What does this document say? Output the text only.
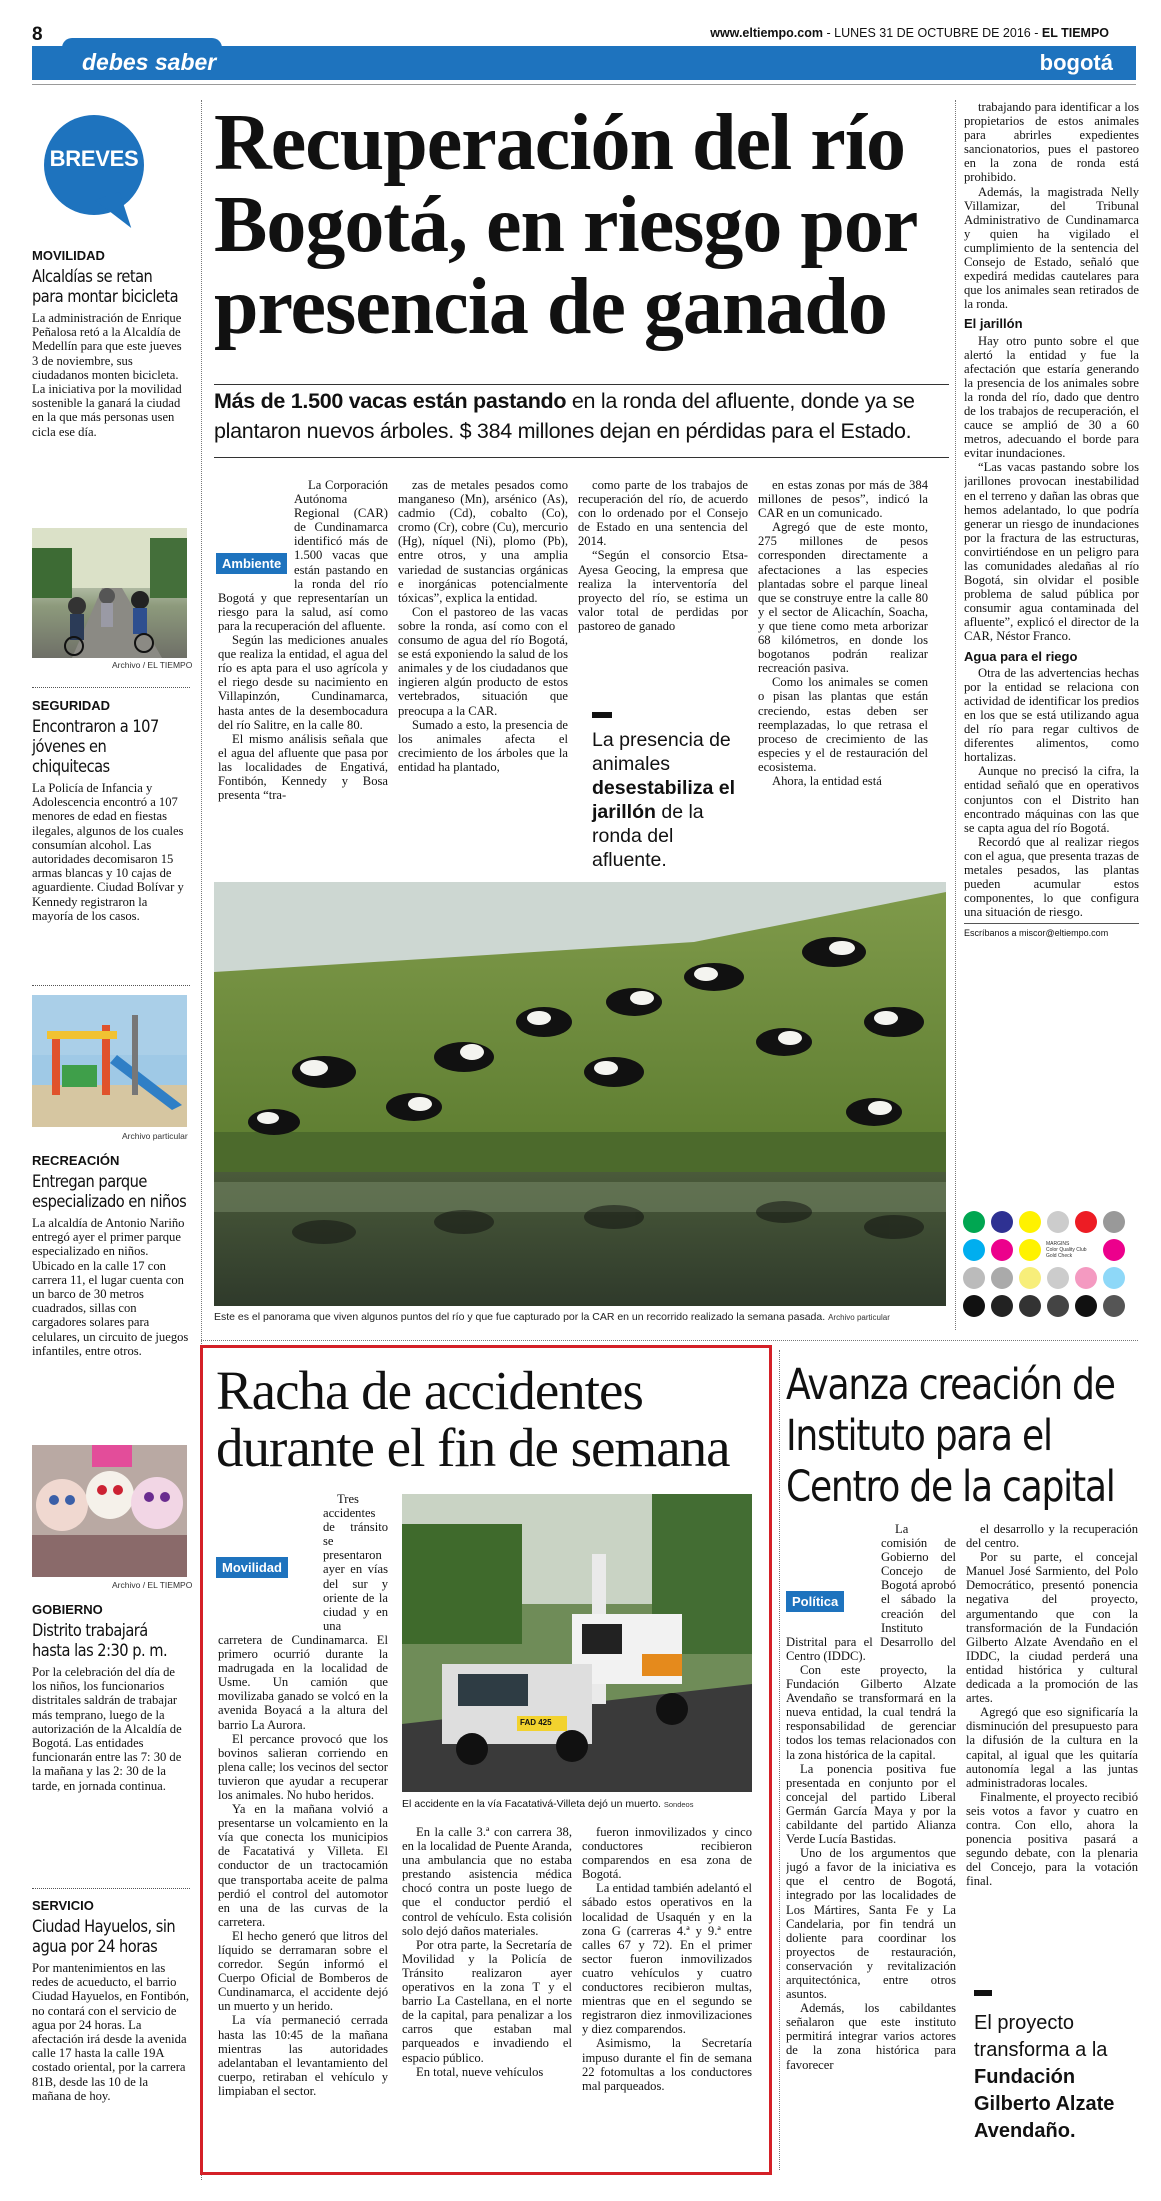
8	www.eltiempo.com - LUNES 31 DE OCTUBRE DE 2016 - EL TIEMPO
debes saber	bogotá
BREVES
MOVILIDAD
Alcaldías se retan para montar bicicleta
La administración de Enrique Peñalosa retó a la Alcaldía de Medellín para que este jueves 3 de noviembre, sus ciudadanos monten bicicleta. La iniciativa por la movilidad sostenible la ganará la ciudad en la que más personas usen cicla ese día.
Archivo / EL TIEMPO
SEGURIDAD
Encontraron a 107 jóvenes en chiquitecas
La Policía de Infancia y Adolescencia encontró a 107 menores de edad en fiestas ilegales, algunos de los cuales consumían alcohol. Las autoridades decomisaron 15 armas blancas y 10 cajas de aguardiente. Ciudad Bolívar y Kennedy registraron la mayoría de los casos.
Archivo particular
RECREACIÓN
Entregan parque especializado en niños
La alcaldía de Antonio Nariño entregó ayer el primer parque especializado en niños. Ubicado en la calle 17 con carrera 11, el lugar cuenta con un barco de 30 metros cuadrados, sillas con cargadores solares para celulares, un circuito de juegos infantiles, entre otros.
Archivo / EL TIEMPO
GOBIERNO
Distrito trabajará hasta las 2:30 p. m.
Por la celebración del día de los niños, los funcionarios distritales saldrán de trabajar más temprano, luego de la autorización de la Alcaldía de Bogotá. Las entidades funcionarán entre las 7: 30 de la mañana y las 2: 30 de la tarde, en jornada continua.
SERVICIO
Ciudad Hayuelos, sin agua por 24 horas
Por mantenimientos en las redes de acueducto, el barrio Ciudad Hayuelos, en Fontibón, no contará con el servicio de agua por 24 horas. La afectación irá desde la avenida calle 17 hasta la calle 19A costado oriental, por la carrera 81B, desde las 10 de la mañana de hoy.
Recuperación del río Bogotá, en riesgo por presencia de ganado
Más de 1.500 vacas están pastando en la ronda del afluente, donde ya se plantaron nuevos árboles. $ 384 millones dejan en pérdidas para el Estado.

La Corporación Autónoma Regional (CAR) de Cundinamarca identificó más de 1.500 vacas que están pastando en la ronda del río Bogotá y que representarían un riesgo para la salud, así como para la recuperación del afluente.

Según las mediciones anuales que realiza la entidad, el agua del río es apta para el uso agrícola y el riego desde su nacimiento en Villapinzón, Cundinamarca, hasta antes de la desembocadura del río Salitre, en la calle 80.

El mismo análisis señala que el agua del afluente que pasa por las localidades de Engativá, Fontibón, Kennedy y Bosa presenta “tra-

Ambiente

zas de metales pesados como manganeso (Mn), arsénico (As), cadmio (Cd), cobalto (Co), cromo (Cr), cobre (Cu), mercurio (Hg), níquel (Ni), plomo (Pb), entre otros, y una amplia variedad de sustancias orgánicas e inorgánicas potencialmente tóxicas”, explica la entidad.

Con el pastoreo de las vacas sobre la ronda, así como con el consumo de agua del río Bogotá, se está exponiendo la salud de los animales y de los ciudadanos que ingieren algún producto de estos vertebrados, situación que preocupa a la CAR.

Sumado a esto, la presencia de los animales afecta el crecimiento de los árboles que la entidad ha plantado,

como parte de los trabajos de recuperación del río, de acuerdo con lo ordenado por el Consejo de Estado en una sentencia del 2014.

“Según el consorcio Etsa-Ayesa Geocing, la empresa que realiza la interventoría del proyecto del río, se estima un valor total de perdidas por pastoreo de ganado

La presencia de animales desestabiliza el jarillón de la ronda del afluente.

en estas zonas por más de 384 millones de pesos”, indicó la CAR en un comunicado.

Agregó que de este monto, 275 millones de pesos corresponden directamente a afectaciones a las especies plantadas sobre el parque lineal que se construye entre la calle 80 y el sector de Alicachín, Soacha, y que tiene como meta arborizar 68 kilómetros, en donde los bogotanos podrán realizar recreación pasiva.

Como los animales se comen o pisan las plantas que están creciendo, estas deben ser reemplazadas, lo que retrasa el proceso de crecimiento de las especies y el de restauración del ecosistema.

Ahora, la entidad está

Este es el panorama que viven algunos puntos del río y que fue capturado por la CAR en un recorrido realizado la semana pasada. Archivo particular

trabajando para identificar a los propietarios de estos animales para abrirles expedientes sancionatorios, pues el pastoreo en la zona de ronda está prohibido.

Además, la magistrada Nelly Villamizar, del Tribunal Administrativo de Cundinamarca y quien ha vigilado el cumplimiento de la sentencia del Consejo de Estado, señaló que expedirá medidas cautelares para que los animales sean retirados de la ronda.

El jarillón

Hay otro punto sobre el que alertó la entidad y fue la afectación que estaría generando la presencia de los animales sobre la ronda del río, dado que dentro de los trabajos de recuperación, el cauce se amplió de 30 a 60 metros, adecuando el borde para evitar inundaciones.

“Las vacas pastando sobre los jarillones provocan inestabilidad en el terreno y dañan las obras que hemos adelantado, lo que podría generar un riesgo de inundaciones por la fractura de las estructuras, convirtiéndose en un peligro para las comunidades aledañas al río Bogotá, sin olvidar el posible problema de salud pública por consumir agua contaminada del afluente”, explicó el director de la CAR, Néstor Franco.

Agua para el riego

Otra de las advertencias hechas por la entidad se relaciona con actividad de identificar los predios en los que se está utilizando agua del río para regar cultivos de diferentes alimentos, como hortalizas.

Aunque no precisó la cifra, la entidad señaló que en operativos conjuntos con el Distrito han encontrado máquinas con las que se capta agua del río Bogotá.

Recordó que al realizar riegos con el agua, que presenta trazas de metales pesados, las plantas pueden acumular estos componentes, lo que configura una situación de riesgo.

Escríbanos a miscor@eltiempo.com
MARGINS
Color Quality Club
Gold Check
Racha de accidentes durante el fin de semana

Tres accidentes de tránsito se presentaron ayer en vías del sur y oriente de la ciudad y en una carretera de Cundinamarca. El primero ocurrió durante la madrugada en la localidad de Usme. Un camión que movilizaba ganado se volcó en la avenida Boyacá a la altura del barrio La Aurora.

El percance provocó que los bovinos salieran corriendo en plena calle; los vecinos del sector tuvieron que ayudar a recuperar los animales. No hubo heridos.

Ya en la mañana volvió a presentarse un volcamiento en la vía que conecta los municipios de Facatativá y Villeta. El conductor de un tractocamión que transportaba aceite de palma perdió el control del automotor en una de las curvas de la carretera.

El hecho generó que litros del líquido se derramaran sobre el corredor. Según informó el Cuerpo Oficial de Bomberos de Cundinamarca, el accidente dejó un muerto y un herido.

La vía permaneció cerrada hasta las 10:45 de la mañana mientras las autoridades adelantaban el levantamiento del cuerpo, retiraban el vehículo y limpiaban el sector.

Movilidad
FAD 425
El accidente en la vía Facatativá-Villeta dejó un muerto. Sondeos

En la calle 3.ª con carrera 38, en la localidad de Puente Aranda, una ambulancia que no estaba prestando asistencia médica chocó contra un poste luego de que el conductor perdió el control de vehículo. Esta colisión solo dejó daños materiales.

Por otra parte, la Secretaría de Movilidad y la Policía de Tránsito realizaron ayer operativos en la zona T y el barrio La Castellana, en el norte de la capital, para penalizar a los carros que estaban mal parqueados e invadiendo el espacio público.

En total, nueve vehículos

fueron inmovilizados y cinco conductores recibieron comparendos en esa zona de Bogotá.

La entidad también adelantó el sábado estos operativos en la localidad de Usaquén y en la zona G (carreras 4.ª y 9.ª entre calles 67 y 72). En el primer sector fueron inmovilizados cuatro vehículos y cuatro conductores recibieron multas, mientras que en el segundo se registraron diez inmovilizaciones y diez comparendos.

Asimismo, la Secretaría impuso durante el fin de semana 22 fotomultas a los conductores mal parqueados.

Avanza creación de Instituto para el Centro de la capital

La comisión de Gobierno del Concejo de Bogotá aprobó el sábado la creación del Instituto Distrital para el Desarrollo del Centro (IDDC).

Con este proyecto, la Fundación Gilberto Alzate Avendaño se transformará en la nueva entidad, la cual tendrá la responsabilidad de gerenciar todos los temas relacionados con la zona histórica de la capital.

La ponencia positiva fue presentada en conjunto por el concejal del partido Liberal Germán García Maya y por la cabildante del partido Alianza Verde Lucía Bastidas.

Uno de los argumentos que jugó a favor de la iniciativa es que el centro de Bogotá, integrado por las localidades de Los Mártires, Santa Fe y La Candelaria, por fin tendrá un doliente para coordinar los proyectos de restauración, conservación y revitalización arquitectónica, entre otros asuntos.

Además, los cabildantes señalaron que este instituto permitirá integrar varios actores de la zona histórica para favorecer

Política

el desarrollo y la recuperación del centro.

Por su parte, el concejal Manuel José Sarmiento, del Polo Democrático, presentó ponencia negativa del proyecto, argumentando que con la transformación de la Fundación Gilberto Alzate Avendaño en el IDDC, la ciudad perderá una entidad histórica y cultural dedicada a la promoción de las artes.

Agregó que eso significaría la disminución del presupuesto para la difusión de la cultura en la capital, al igual que les quitaría autonomía legal a las juntas administradoras locales.

Finalmente, el proyecto recibió seis votos a favor y cuatro en contra. Con ello, ahora la ponencia positiva pasará a segundo debate, con la plenaria del Concejo, para la votación final.

El proyecto transforma a la Fundación Gilberto Alzate Avendaño.
